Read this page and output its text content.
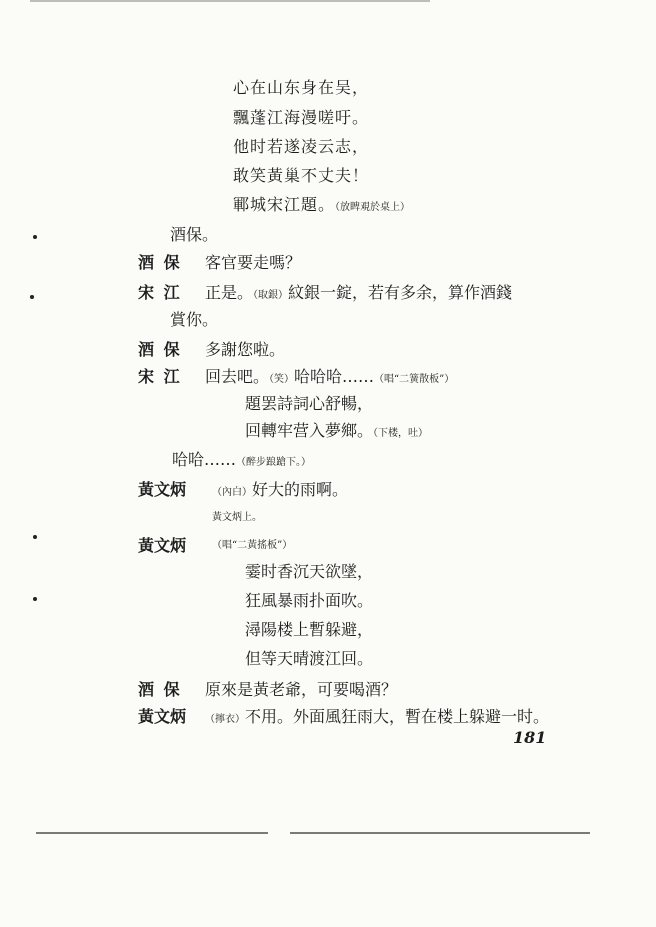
心在山东身在吴，
飄蓬江海漫嗟吁。
他时若遂凌云志，
敢笑黃巢不丈夫！
鄆城宋江題。（放睥覌於桌上）
酒保。
酒 保 客官要走嗎？
宋 江 正是。（取銀）紋銀一錠，若有多余，算作酒錢
賞你。
酒 保 多謝您啦。
宋 江 回去吧。（笑）哈哈哈……（唱“二簧散板”）
題罢詩詞心舒暢，
回轉牢营入夢鄉。（下楼，吐）
哈哈……（醉步踉蹌下。）
黃文炳	（內白）好大的雨啊。
黃文炳上。
黃文炳	（唱“二黃搖板”）
霎时香沉天欲墜，
狂風暴雨扑面吹。
潯陽楼上暫躲避，
但等天晴渡江回。
酒 保 原來是黃老爺，可要喝酒？
黃文炳 （擰衣）不用。外面風狂雨大，暫在楼上躲避一时。
181
